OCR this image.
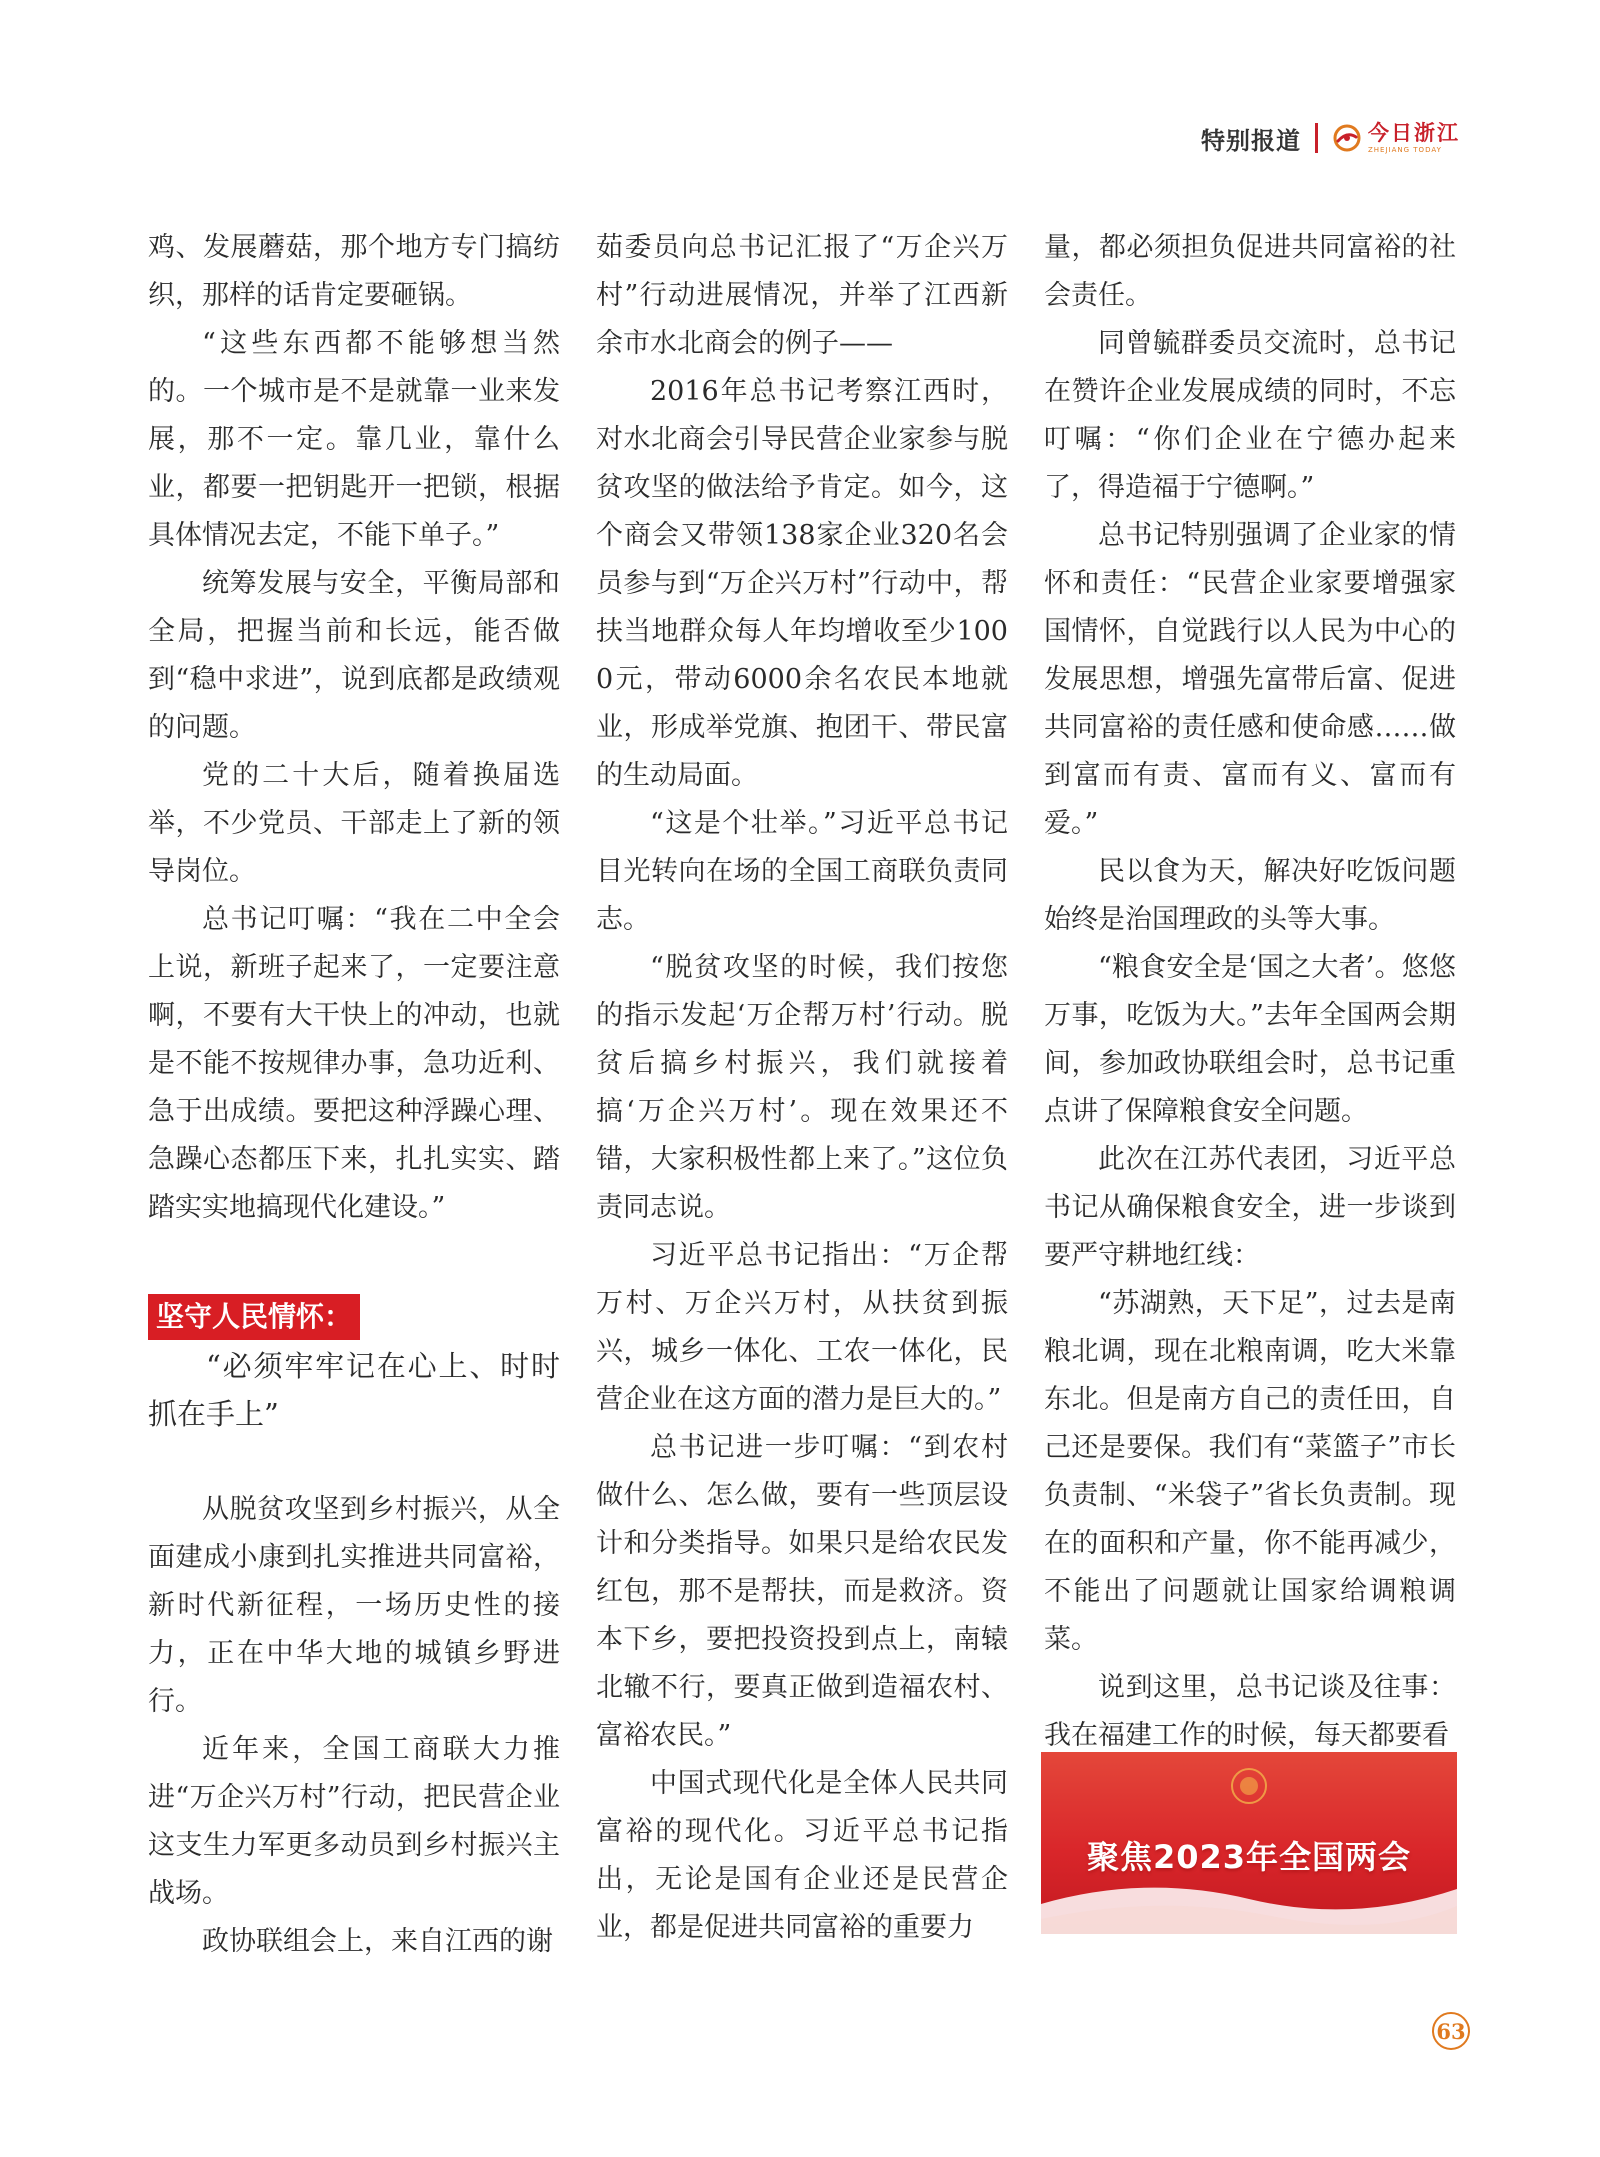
特别报道	今日浙江
ZHEJIANG TODAY

鸡、发展蘑菇，那个地方专门搞纺织，那样的话肯定要砸锅。

“这些东西都不能够想当然的。一个城市是不是就靠一业来发展，那不一定。靠几业，靠什么业，都要一把钥匙开一把锁，根据具体情况去定，不能下单子。”

统筹发展与安全，平衡局部和全局，把握当前和长远，能否做到“稳中求进”，说到底都是政绩观的问题。

党的二十大后，随着换届选举，不少党员、干部走上了新的领导岗位。

总书记叮嘱：“我在二中全会上说，新班子起来了，一定要注意啊，不要有大干快上的冲动，也就是不能不按规律办事，急功近利、急于出成绩。要把这种浮躁心理、急躁心态都压下来，扎扎实实、踏踏实实地搞现代化建设。”

坚守人民情怀：

“必须牢牢记在心上、时时抓在手上”

从脱贫攻坚到乡村振兴，从全面建成小康到扎实推进共同富裕，新时代新征程，一场历史性的接力，正在中华大地的城镇乡野进行。

近年来，全国工商联大力推进“万企兴万村”行动，把民营企业这支生力军更多动员到乡村振兴主战场。

政协联组会上，来自江西的谢

茹委员向总书记汇报了“万企兴万村”行动进展情况，并举了江西新余市水北商会的例子——

2016年总书记考察江西时，对水北商会引导民营企业家参与脱贫攻坚的做法给予肯定。如今，这个商会又带领138家企业320名会员参与到“万企兴万村”行动中，帮扶当地群众每人年均增收至少1000元，带动6000余名农民本地就业，形成举党旗、抱团干、带民富的生动局面。

“这是个壮举。”习近平总书记目光转向在场的全国工商联负责同志。

“脱贫攻坚的时候，我们按您的指示发起‘万企帮万村’行动。脱贫后搞乡村振兴，我们就接着搞‘万企兴万村’。现在效果还不错，大家积极性都上来了。”这位负责同志说。

习近平总书记指出：“万企帮万村、万企兴万村，从扶贫到振兴，城乡一体化、工农一体化，民营企业在这方面的潜力是巨大的。”

总书记进一步叮嘱：“到农村做什么、怎么做，要有一些顶层设计和分类指导。如果只是给农民发红包，那不是帮扶，而是救济。资本下乡，要把投资投到点上，南辕北辙不行，要真正做到造福农村、富裕农民。”

中国式现代化是全体人民共同富裕的现代化。习近平总书记指出，无论是国有企业还是民营企业，都是促进共同富裕的重要力

量，都必须担负促进共同富裕的社会责任。

同曾毓群委员交流时，总书记在赞许企业发展成绩的同时，不忘叮嘱：“你们企业在宁德办起来了，得造福于宁德啊。”

总书记特别强调了企业家的情怀和责任：“民营企业家要增强家国情怀，自觉践行以人民为中心的发展思想，增强先富带后富、促进共同富裕的责任感和使命感……做到富而有责、富而有义、富而有爱。”

民以食为天，解决好吃饭问题始终是治国理政的头等大事。

“粮食安全是‘国之大者’。悠悠万事，吃饭为大。”去年全国两会期间，参加政协联组会时，总书记重点讲了保障粮食安全问题。

此次在江苏代表团，习近平总书记从确保粮食安全，进一步谈到要严守耕地红线：

“苏湖熟，天下足”，过去是南粮北调，现在北粮南调，吃大米靠东北。但是南方自己的责任田，自己还是要保。我们有“菜篮子”市长负责制、“米袋子”省长负责制。现在的面积和产量，你不能再减少，不能出了问题就让国家给调粮调菜。

说到这里，总书记谈及往事：我在福建工作的时候，每天都要看

聚焦2023年全国两会
63
